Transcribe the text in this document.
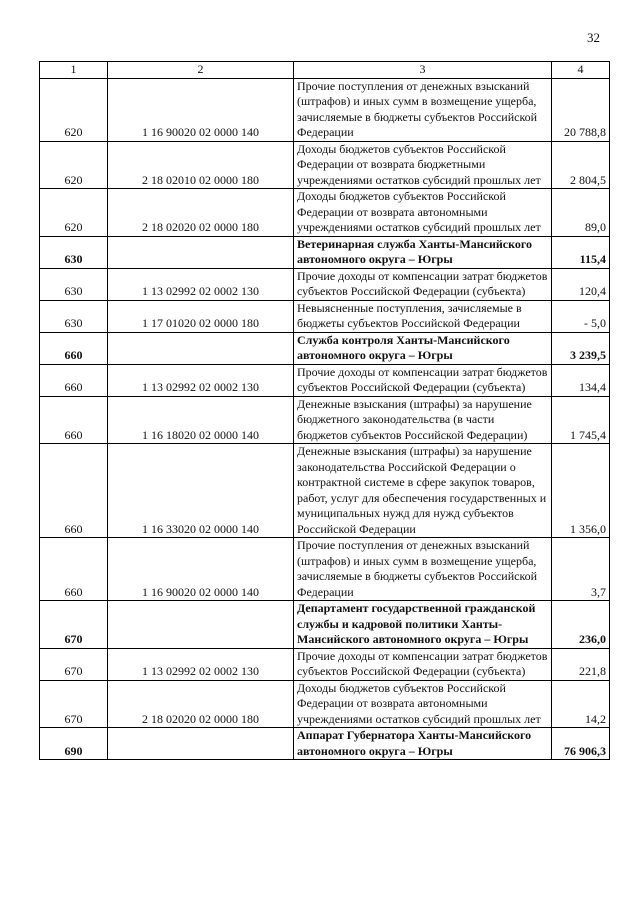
32
1	2	3	4
620	1 16 90020 02 0000 140	Прочие поступления от денежных взысканий (штрафов) и иных сумм в возмещение ущерба, зачисляемые в бюджеты субъектов Российской Федерации	20 788,8
620	2 18 02010 02 0000 180	Доходы бюджетов субъектов Российской Федерации от возврата бюджетными учреждениями остатков субсидий прошлых лет	2 804,5
620	2 18 02020 02 0000 180	Доходы бюджетов субъектов Российской Федерации от возврата автономными учреждениями остатков субсидий прошлых лет	89,0
630		Ветеринарная служба Ханты-Мансийского автономного округа – Югры	115,4
630	1 13 02992 02 0002 130	Прочие доходы от компенсации затрат бюджетов субъектов Российской Федерации (субъекта)	120,4
630	1 17 01020 02 0000 180	Невыясненные поступления, зачисляемые в бюджеты субъектов Российской Федерации	- 5,0
660		Служба контроля Ханты-Мансийского автономного округа – Югры	3 239,5
660	1 13 02992 02 0002 130	Прочие доходы от компенсации затрат бюджетов субъектов Российской Федерации (субъекта)	134,4
660	1 16 18020 02 0000 140	Денежные взыскания (штрафы) за нарушение бюджетного законодательства (в части бюджетов субъектов Российской Федерации)	1 745,4
660	1 16 33020 02 0000 140	Денежные взыскания (штрафы) за нарушение законодательства Российской Федерации о контрактной системе в сфере закупок товаров, работ, услуг для обеспечения государственных и муниципальных нужд для нужд субъектов Российской Федерации	1 356,0
660	1 16 90020 02 0000 140	Прочие поступления от денежных взысканий (штрафов) и иных сумм в возмещение ущерба, зачисляемые в бюджеты субъектов Российской Федерации	3,7
670		Департамент государственной гражданской службы и кадровой политики Ханты-Мансийского автономного округа – Югры	236,0
670	1 13 02992 02 0002 130	Прочие доходы от компенсации затрат бюджетов субъектов Российской Федерации (субъекта)	221,8
670	2 18 02020 02 0000 180	Доходы бюджетов субъектов Российской Федерации от возврата автономными учреждениями остатков субсидий прошлых лет	14,2
690		Аппарат Губернатора Ханты-Мансийского автономного округа – Югры	76 906,3
